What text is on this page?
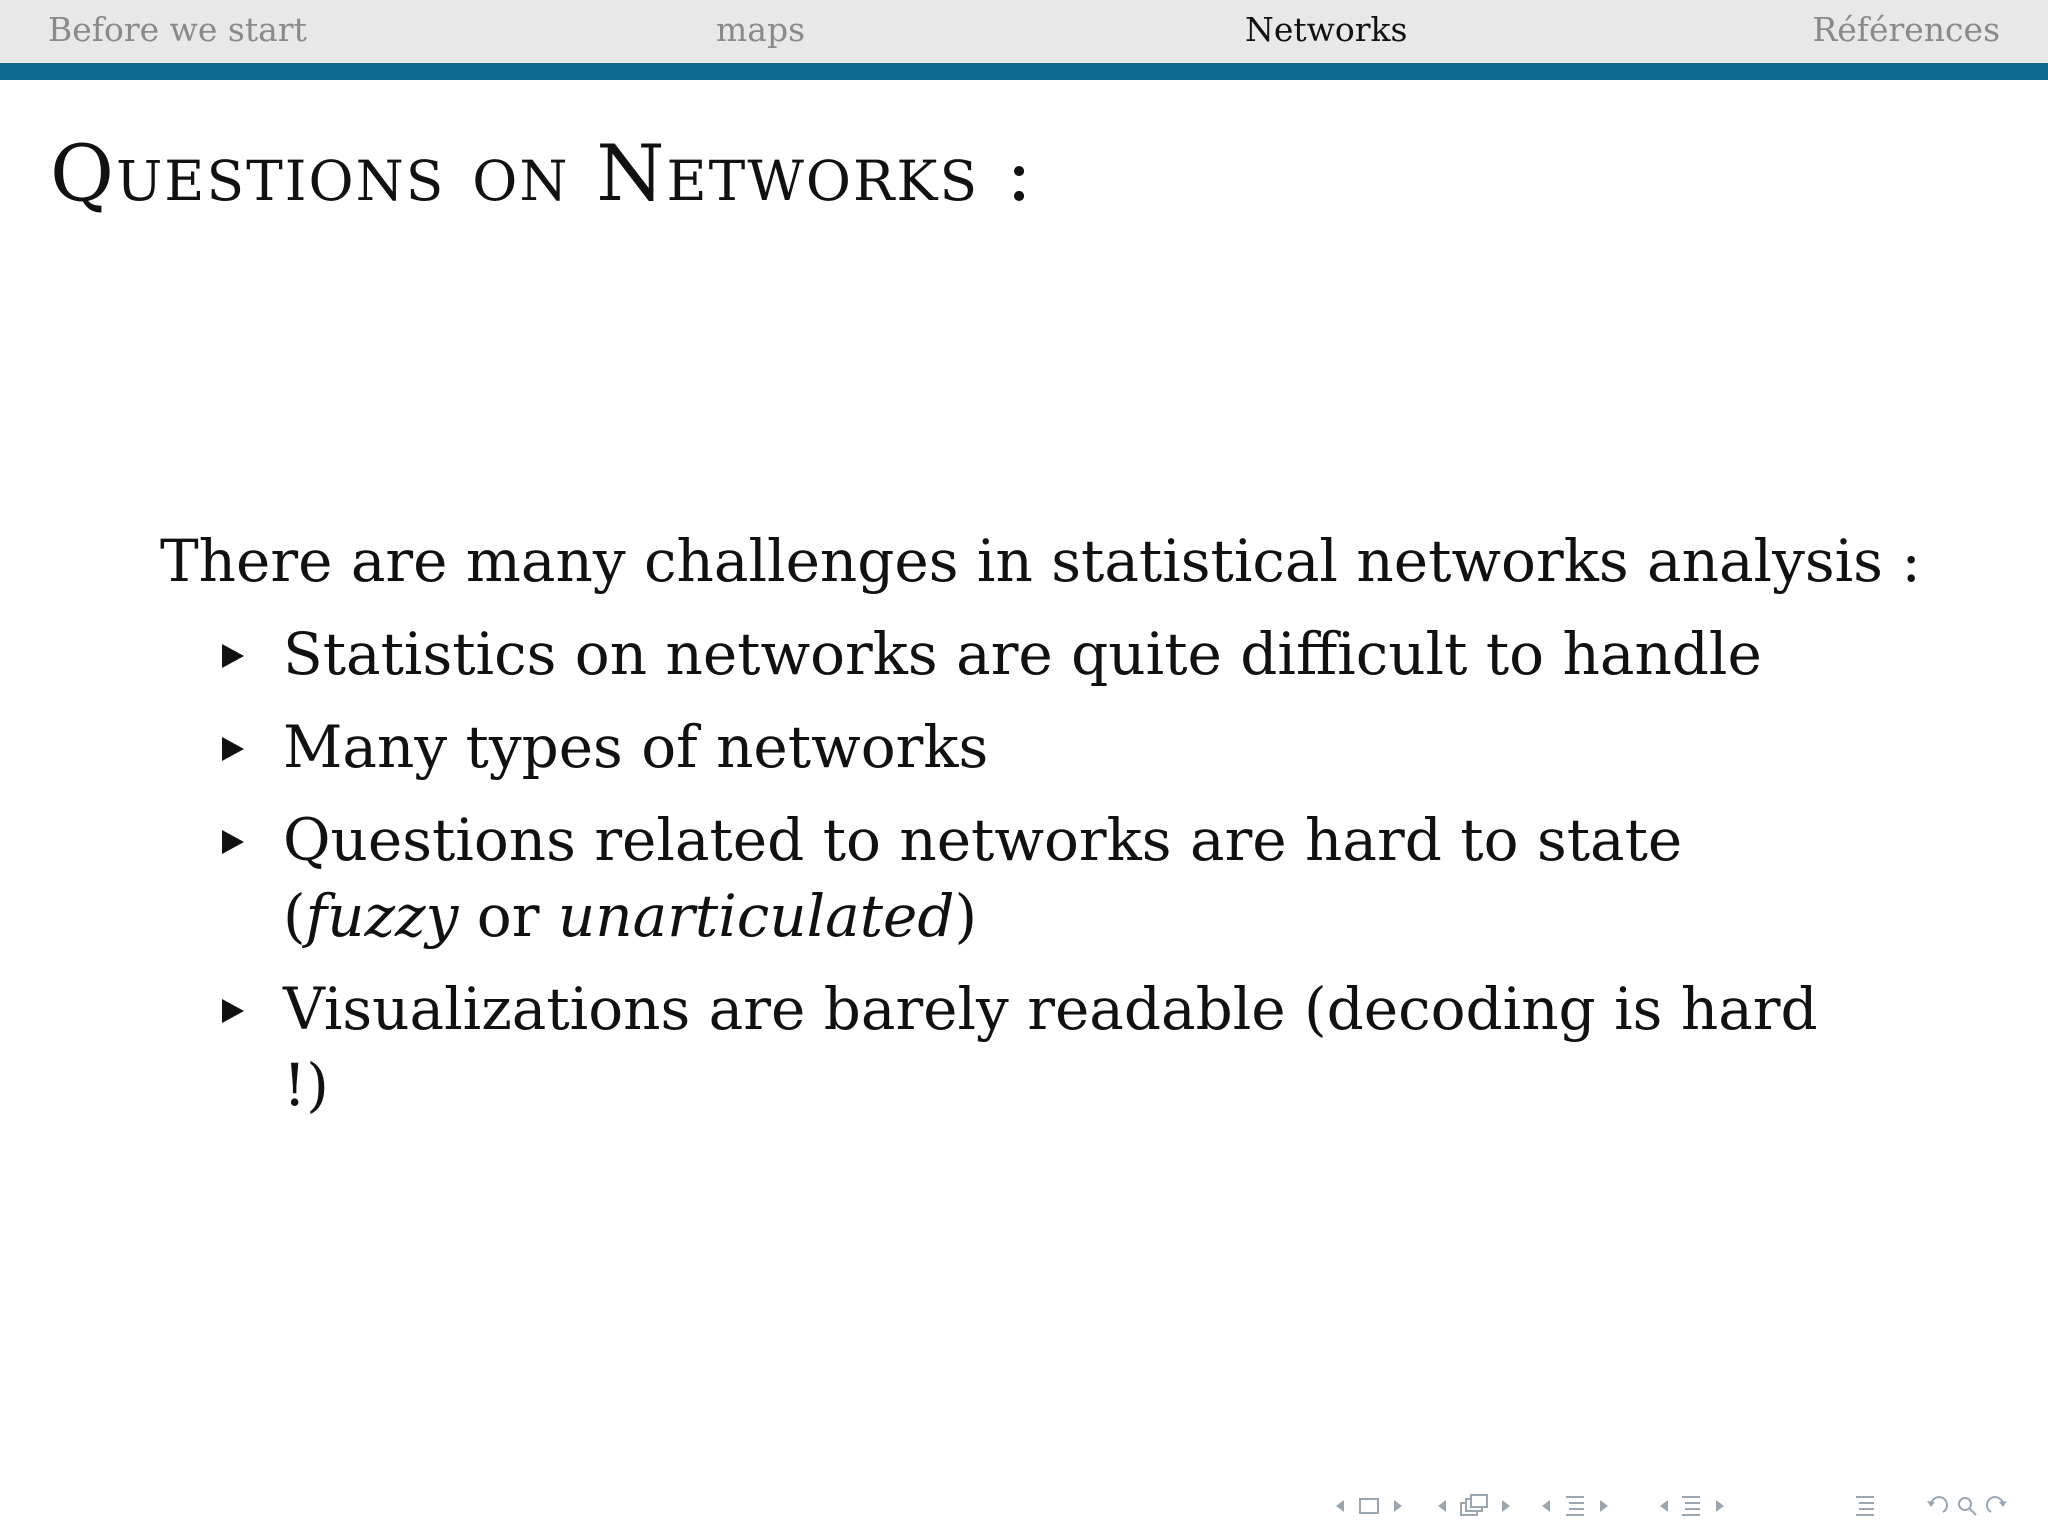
Before we start	maps	Networks	Références
Questions on Networks :
There are many challenges in statistical networks analysis :
Statistics on networks are quite difficult to handle
Many types of networks
Questions related to networks are hard to state (fuzzy or unarticulated)
Visualizations are barely readable (decoding is hard !)
